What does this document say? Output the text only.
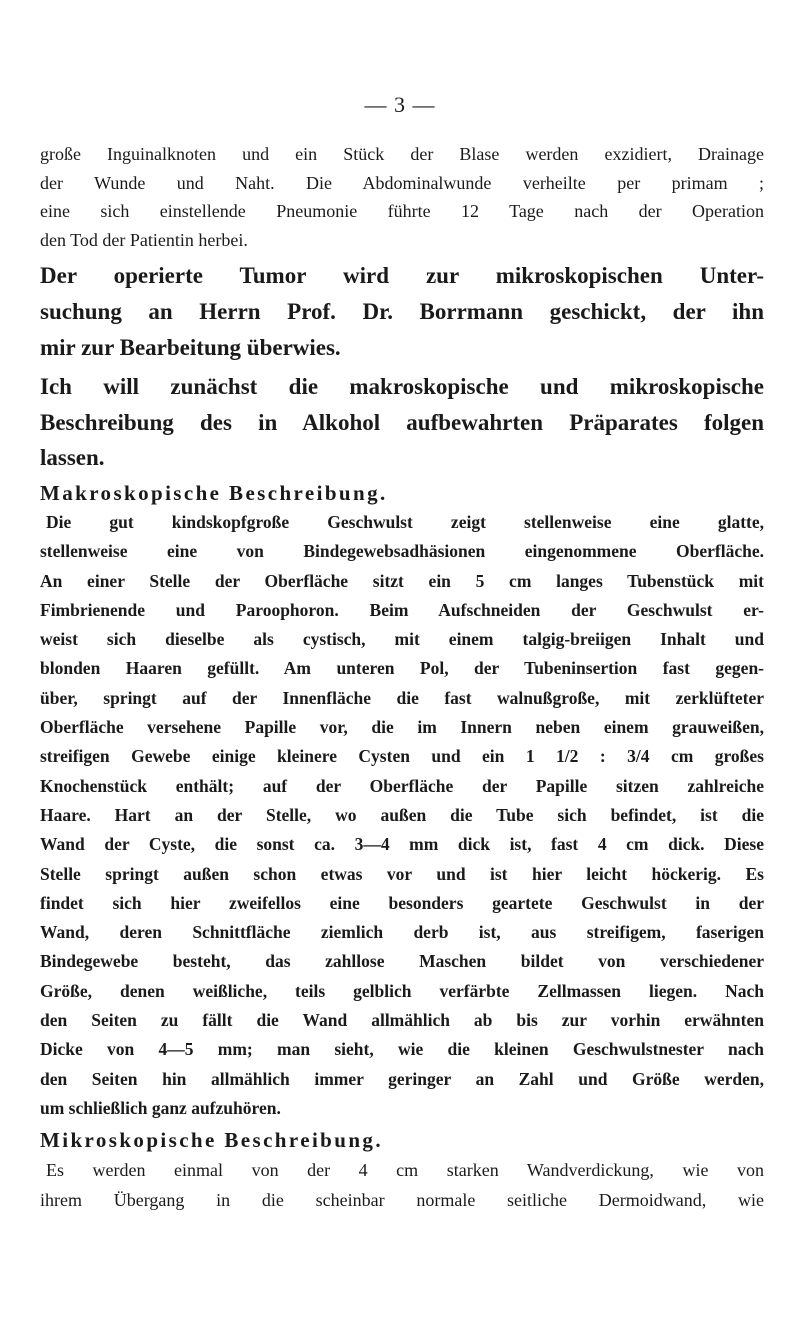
— 3 —
große Inguinalknoten und ein Stück der Blase werden exzidiert, Drainage
der Wunde und Naht. Die Abdominalwunde verheilte per primam ;
eine sich einstellende Pneumonie führte 12 Tage nach der Operation
den Tod der Patientin herbei.
Der operierte Tumor wird zur mikroskopischen Unter-
suchung an Herrn Prof. Dr. Borrmann geschickt, der ihn
mir zur Bearbeitung überwies.
Ich will zunächst die makroskopische und mikroskopische
Beschreibung des in Alkohol aufbewahrten Präparates folgen
lassen.
Makroskopische Beschreibung.
Die gut kindskopfgroße Geschwulst zeigt stellenweise eine glatte,
stellenweise eine von Bindegewebsadhäsionen eingenommene Oberfläche.
An einer Stelle der Oberfläche sitzt ein 5 cm langes Tubenstück mit
Fimbrienende und Paroophoron. Beim Aufschneiden der Geschwulst er-
weist sich dieselbe als cystisch, mit einem talgig-breiigen Inhalt und
blonden Haaren gefüllt. Am unteren Pol, der Tubeninsertion fast gegen-
über, springt auf der Innenfläche die fast walnußgroße, mit zerklüfteter
Oberfläche versehene Papille vor, die im Innern neben einem grauweißen,
streifigen Gewebe einige kleinere Cysten und ein 1 1/2 : 3/4 cm großes
Knochenstück enthält; auf der Oberfläche der Papille sitzen zahlreiche
Haare. Hart an der Stelle, wo außen die Tube sich befindet, ist die
Wand der Cyste, die sonst ca. 3—4 mm dick ist, fast 4 cm dick. Diese
Stelle springt außen schon etwas vor und ist hier leicht höckerig. Es
findet sich hier zweifellos eine besonders geartete Geschwulst in der
Wand, deren Schnittfläche ziemlich derb ist, aus streifigem, faserigen
Bindegewebe besteht, das zahllose Maschen bildet von verschiedener
Größe, denen weißliche, teils gelblich verfärbte Zellmassen liegen. Nach
den Seiten zu fällt die Wand allmählich ab bis zur vorhin erwähnten
Dicke von 4—5 mm; man sieht, wie die kleinen Geschwulstnester nach
den Seiten hin allmählich immer geringer an Zahl und Größe werden,
um schließlich ganz aufzuhören.
Mikroskopische Beschreibung.
Es werden einmal von der 4 cm starken Wandverdickung, wie von
ihrem Übergang in die scheinbar normale seitliche Dermoidwand, wie
